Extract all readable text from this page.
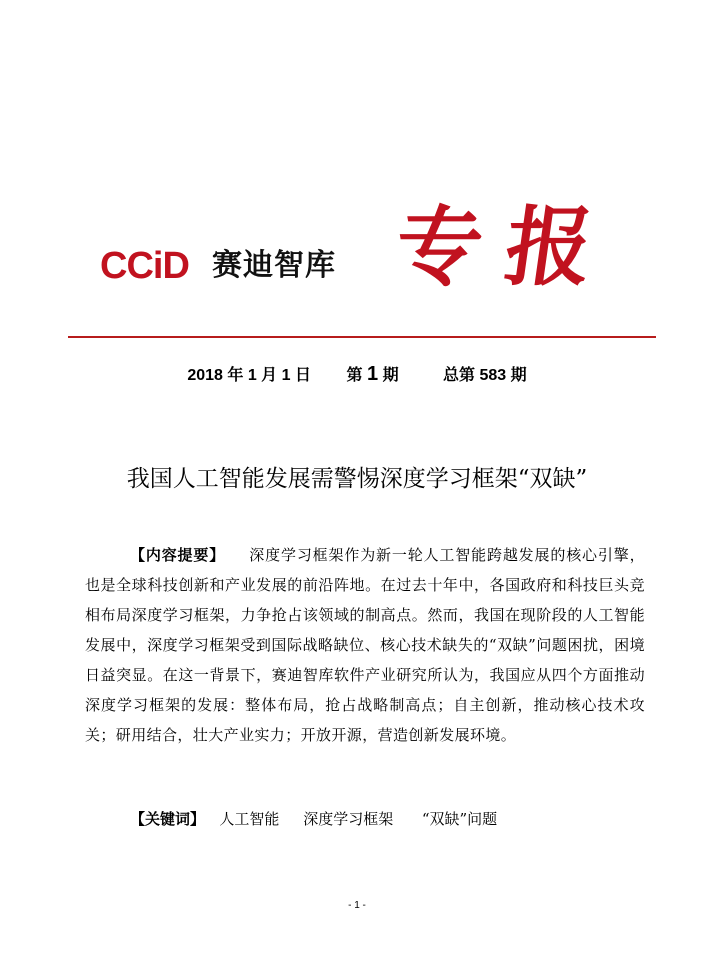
CCiD 赛迪智库 专报
2018 年 1 月 1 日 第 1 期	总第 583 期
我国人工智能发展需警惕深度学习框架“双缺”
【内容提要】　　 深度学习框架作为新一轮人工智能跨越发展的核心引擎，也是全球科技创新和产业发展的前沿阵地。在过去十年中，各国政府和科技巨头竞相布局深度学习框架，力争抢占该领域的制高点。然而，我国在现阶段的人工智能发展中，深度学习框架受到国际战略缺位、核心技术缺失的“双缺”问题困扰，困境日益突显。在这一背景下，赛迪智库软件产业研究所认为，我国应从四个方面推动深度学习框架的发展：整体布局，抢占战略制高点；自主创新，推动核心技术攻关；研用结合，壮大产业实力；开放开源，营造创新发展环境。
【关键词】 人工智能 深度学习框架 “双缺”问题
- 1 -
